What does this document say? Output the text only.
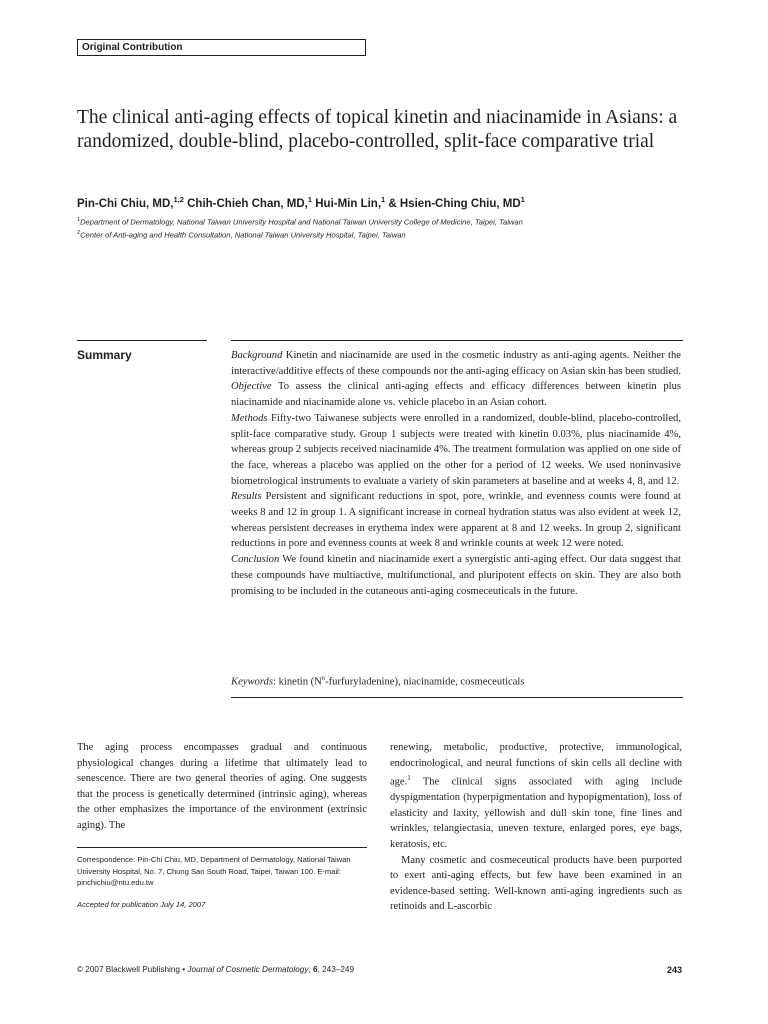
Original Contribution
The clinical anti-aging effects of topical kinetin and niacinamide in Asians: a randomized, double-blind, placebo-controlled, split-face comparative trial
Pin-Chi Chiu, MD,$^{1,2}$ Chih-Chieh Chan, MD,$^1$ Hui-Min Lin,$^1$ & Hsien-Ching Chiu, $MD^1$
$^1$Department of Dermatology, National Taiwan University Hospital and National Taiwan University College of Medicine, Taipei, Taiwan
$^2$Center of Anti-aging and Health Consultation, National Taiwan University Hospital, Taipei, Taiwan
Summary	Background Kinetin and niacinamide are used in the cosmetic industry as anti-aging agents. Neither the interactive/additive effects of these compounds nor the anti-aging efficacy on Asian skin has been studied.

Objective To assess the clinical anti-aging effects and efficacy differences between kinetin plus niacinamide and niacinamide alone vs. vehicle placebo in an Asian cohort.

Methods Fifty-two Taiwanese subjects were enrolled in a randomized, double-blind, placebo-controlled, split-face comparative study. Group 1 subjects were treated with kinetin 0.03%, plus niacinamide 4%, whereas group 2 subjects received niacinamide 4%. The treatment formulation was applied on one side of the face, whereas a placebo was applied on the other for a period of 12 weeks. We used noninvasive biometrological instruments to evaluate a variety of skin parameters at baseline and at weeks 4, 8, and 12.

Results Persistent and significant reductions in spot, pore, wrinkle, and evenness counts were found at weeks 8 and 12 in group 1. A significant increase in corneal hydration status was also evident at week 12, whereas persistent decreases in erythema index were apparent at 8 and 12 weeks. In group 2, significant reductions in pore and evenness counts at week 8 and wrinkle counts at week 12 were noted.

Conclusion We found kinetin and niacinamide exert a synergistic anti-aging effect. Our data suggest that these compounds have multiactive, multifunctional, and pluripotent effects on skin. They are also both promising to be included in the cutaneous anti-aging cosmeceuticals in the future.

Keywords: kinetin $(N^6-furfuryladenine)$, niacinamide, cosmeceuticals
The aging process encompasses gradual and continuous physiological changes during a lifetime that ultimately lead to senescence. There are two general theories of aging. One suggests that the process is genetically determined (intrinsic aging), whereas the other emphasizes the importance of the environment (extrinsic aging). The
Correspondence: Pin-Chi Chiu, MD, Department of Dermatology, National Taiwan University Hospital, No. 7, Chung San South Road, Taipei, Taiwan 100. E-mail: pinchichiu@ntu.edu.tw
Accepted for publication July 14, 2007

renewing, metabolic, productive, protective, immunological, endocrinological, and neural functions of skin cells all decline with age.$^1$ The clinical signs associated with aging include dyspigmentation (hyperpigmentation and hypopigmentation), loss of elasticity and laxity, yellowish and dull skin tone, fine lines and wrinkles, telangiectasia, uneven texture, enlarged pores, eye bags, keratosis, etc.

Many cosmetic and cosmeceutical products have been purported to exert anti-aging effects, but few have been examined in an evidence-based setting. Well-known anti-aging ingredients such as retinoids and L-ascorbic

© 2007 Blackwell Publishing • Journal of Cosmetic Dermatology, 6, 243–249	243
